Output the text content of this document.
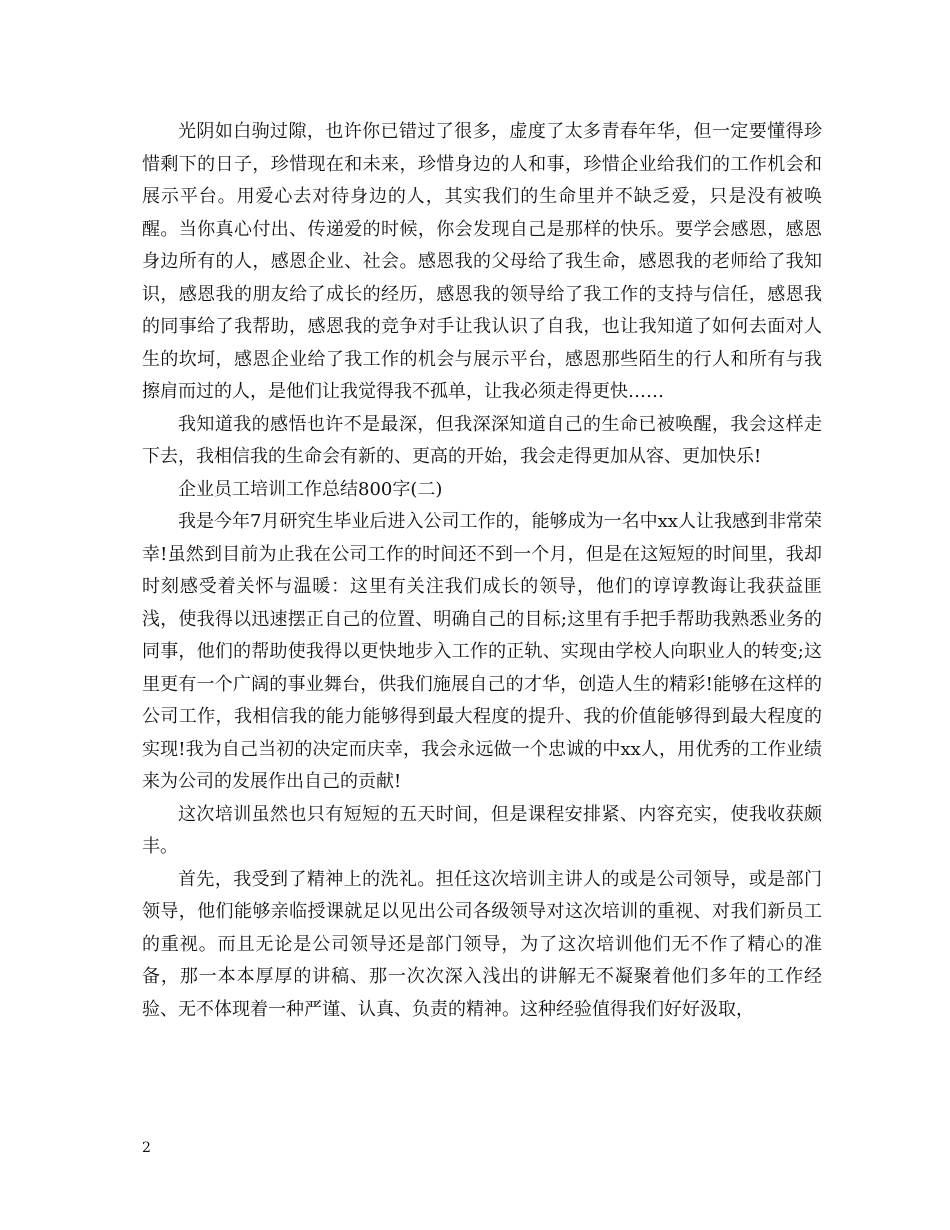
光阴如白驹过隙，也许你已错过了很多，虚度了太多青春年华，但一定要懂得珍惜剩下的日子，珍惜现在和未来，珍惜身边的人和事，珍惜企业给我们的工作机会和展示平台。用爱心去对待身边的人，其实我们的生命里并不缺乏爱，只是没有被唤醒。当你真心付出、传递爱的时候，你会发现自己是那样的快乐。要学会感恩，感恩身边所有的人，感恩企业、社会。感恩我的父母给了我生命，感恩我的老师给了我知识，感恩我的朋友给了成长的经历，感恩我的领导给了我工作的支持与信任，感恩我的同事给了我帮助，感恩我的竞争对手让我认识了自我，也让我知道了如何去面对人生的坎坷，感恩企业给了我工作的机会与展示平台，感恩那些陌生的行人和所有与我擦肩而过的人，是他们让我觉得我不孤单，让我必须走得更快……

我知道我的感悟也许不是最深，但我深深知道自己的生命已被唤醒，我会这样走下去，我相信我的生命会有新的、更高的开始，我会走得更加从容、更加快乐!

企业员工培训工作总结800字(二)

我是今年7月研究生毕业后进入公司工作的，能够成为一名中xx人让我感到非常荣幸!虽然到目前为止我在公司工作的时间还不到一个月，但是在这短短的时间里，我却时刻感受着关怀与温暖：这里有关注我们成长的领导，他们的谆谆教诲让我获益匪浅，使我得以迅速摆正自己的位置、明确自己的目标;这里有手把手帮助我熟悉业务的同事，他们的帮助使我得以更快地步入工作的正轨、实现由学校人向职业人的转变;这里更有一个广阔的事业舞台，供我们施展自己的才华，创造人生的精彩!能够在这样的公司工作，我相信我的能力能够得到最大程度的提升、我的价值能够得到最大程度的实现!我为自己当初的决定而庆幸，我会永远做一个忠诚的中xx人，用优秀的工作业绩来为公司的发展作出自己的贡献!

这次培训虽然也只有短短的五天时间，但是课程安排紧、内容充实，使我收获颇丰。

首先，我受到了精神上的洗礼。担任这次培训主讲人的或是公司领导，或是部门领导，他们能够亲临授课就足以见出公司各级领导对这次培训的重视、对我们新员工的重视。而且无论是公司领导还是部门领导，为了这次培训他们无不作了精心的准备，那一本本厚厚的讲稿、那一次次深入浅出的讲解无不凝聚着他们多年的工作经验、无不体现着一种严谨、认真、负责的精神。这种经验值得我们好好汲取，

2
